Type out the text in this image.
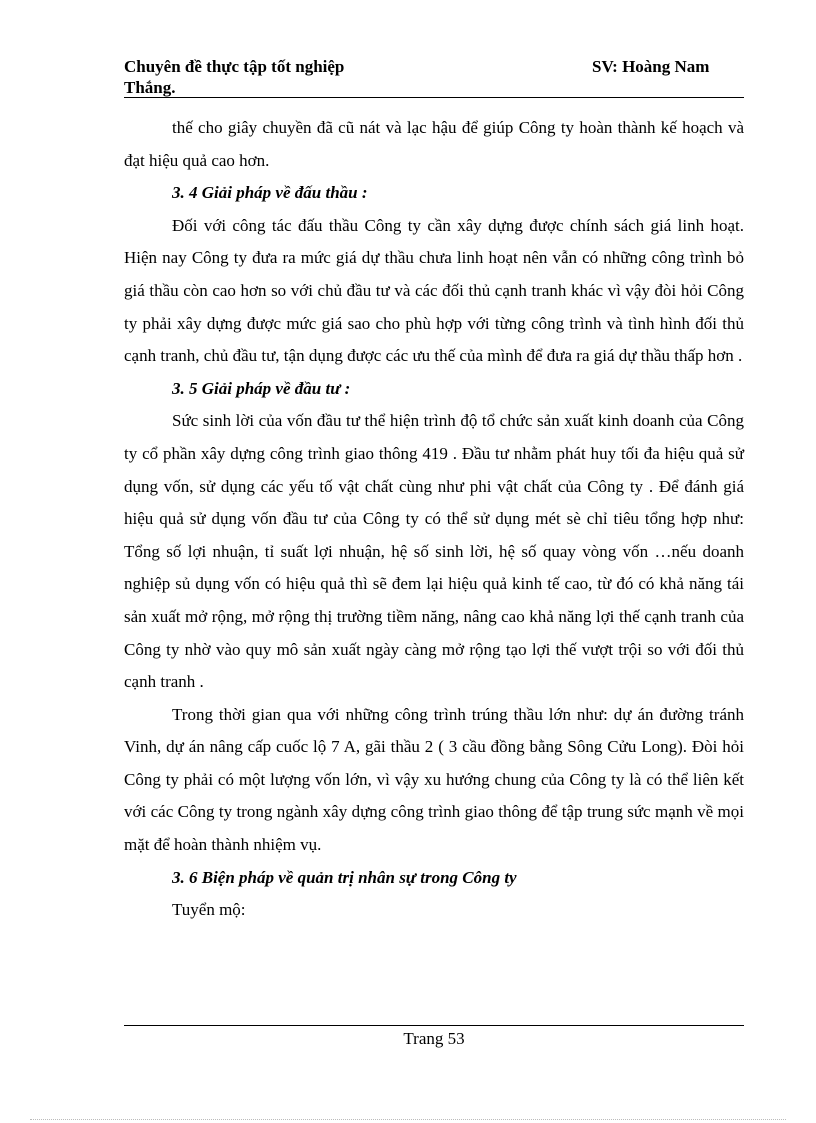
Chuyên đề thực tập tốt nghiệp	SV: Hoàng Nam
Thắng.

thế cho giây chuyền đã cũ nát và lạc hậu để giúp Công ty hoàn thành kế hoạch và đạt hiệu quả cao hơn.

3. 4 Giải pháp về đấu thầu :

Đối với công tác đấu thầu Công ty cần xây dựng được chính sách giá linh hoạt. Hiện nay Công ty đưa ra mức giá dự thầu chưa linh hoạt nên vẫn có những công trình bỏ giá thầu còn cao hơn so với chủ đầu tư và các đối thủ cạnh tranh khác vì vậy đòi hỏi Công ty phải xây dựng được mức giá sao cho phù hợp với từng công trình và tình hình đối thủ cạnh tranh, chủ đầu tư, tận dụng được các ưu thế của mình để đưa ra giá dự thầu thấp hơn .

3. 5 Giải pháp về đầu tư :

Sức sinh lời của vốn đầu tư thể hiện trình độ tổ chức sản xuất kinh doanh của Công ty cổ phần xây dựng công trình giao thông 419 . Đầu tư nhằm phát huy tối đa hiệu quả sử dụng vốn, sử dụng các yếu tố vật chất cùng như phi vật chất của Công ty . Để đánh giá hiệu quả sử dụng vốn đầu tư của Công ty có thể sử dụng mét sè chỉ tiêu tổng hợp như: Tổng số lợi nhuận, tỉ suất lợi nhuận, hệ số sinh lời, hệ số quay vòng vốn …nếu doanh nghiệp sủ dụng vốn có hiệu quả thì sẽ đem lại hiệu quả kinh tế cao, từ đó có khả năng tái sản xuất mở rộng, mở rộng thị trường tiềm năng, nâng cao khả năng lợi thế cạnh tranh của Công ty nhờ vào quy mô sản xuất ngày càng mở rộng tạo lợi thế vượt trội so với đối thủ cạnh tranh .

Trong thời gian qua với những công trình trúng thầu lớn như: dự án đường tránh Vinh, dự án nâng cấp cuốc lộ 7 A, gãi thầu 2 ( 3 cầu đồng bằng Sông Cửu Long). Đòi hỏi Công ty phải có một lượng vốn lớn, vì vậy xu hướng chung của Công ty là có thể liên kết với các Công ty trong ngành xây dựng công trình giao thông để tập trung sức mạnh về mọi mặt để hoàn thành nhiệm vụ.

3. 6 Biện pháp về quản trị nhân sự trong Công ty

Tuyển mộ:

Trang 53
